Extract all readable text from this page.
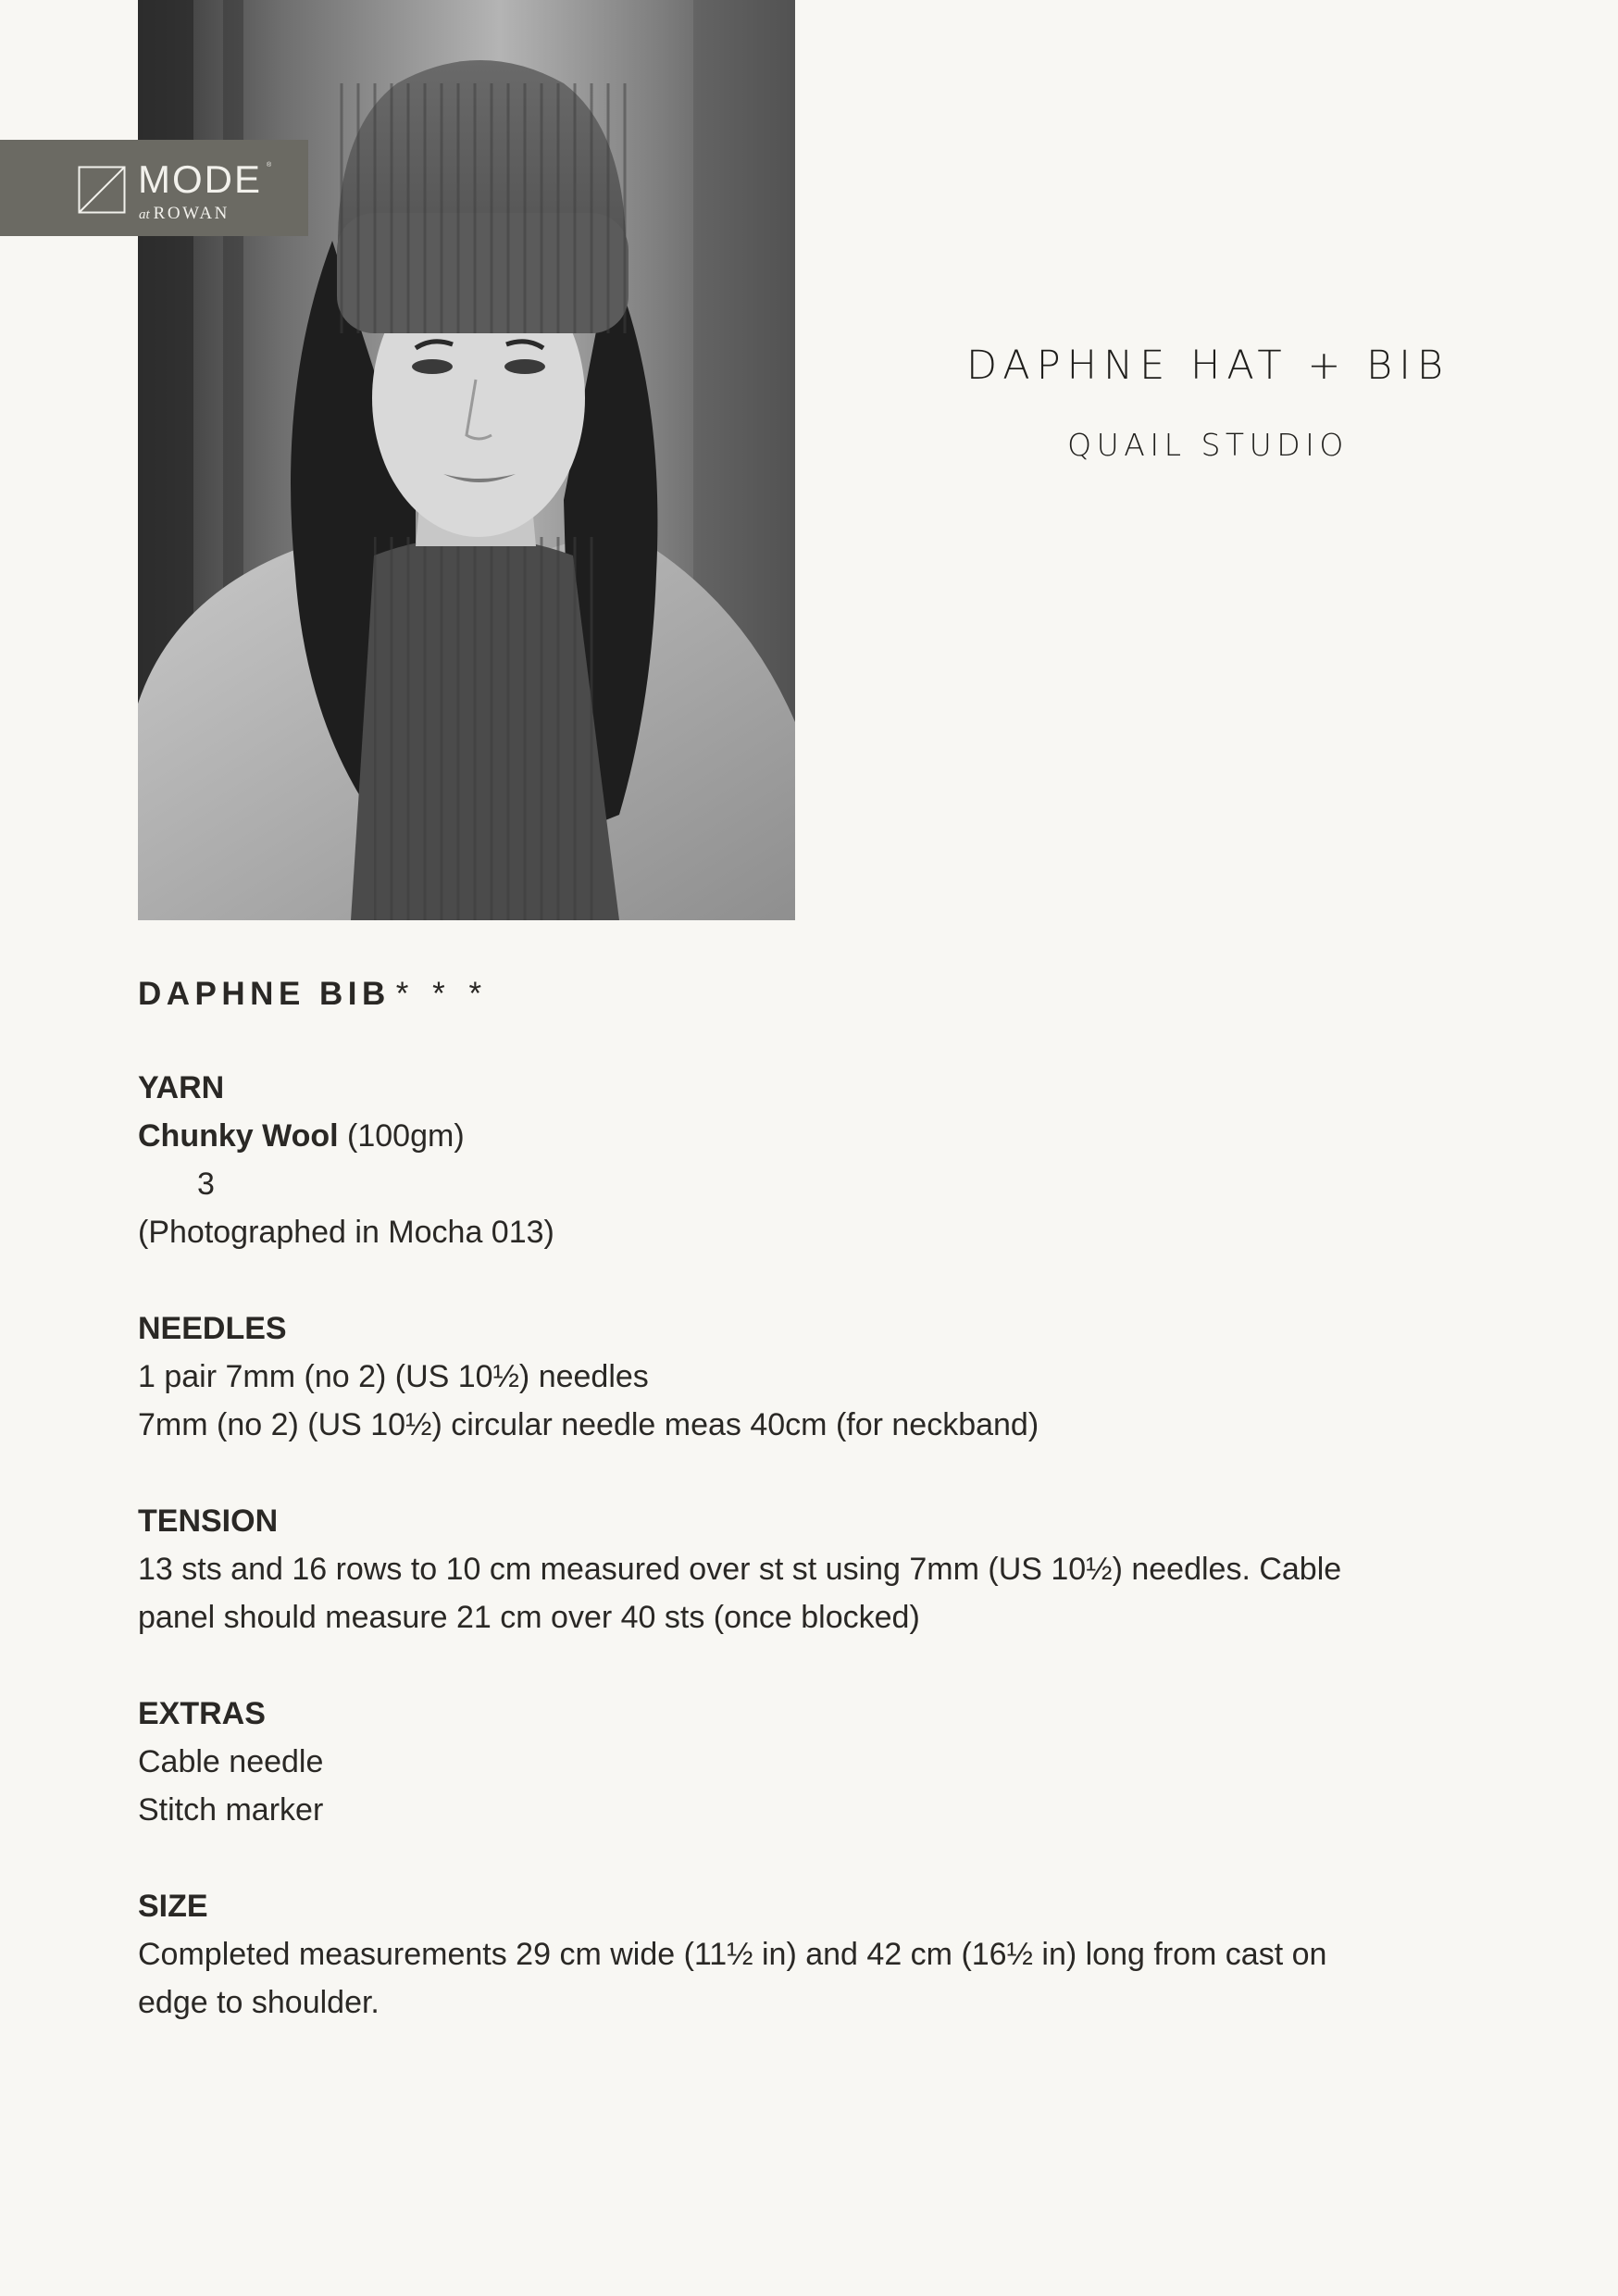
MODE ®
at ROWAN
DAPHNE HAT + BIB
QUAIL STUDIO
DAPHNE BIB * * *
YARN

Chunky Wool (100gm)

3

(Photographed in Mocha 013)

NEEDLES

1 pair 7mm (no 2) (US 10½) needles

7mm (no 2) (US 10½) circular needle meas 40cm (for neckband)

TENSION

13 sts and 16 rows to 10 cm measured over st st using 7mm (US 10½) needles. Cable

panel should measure 21 cm over 40 sts (once blocked)

EXTRAS

Cable needle

Stitch marker

SIZE

Completed measurements 29 cm wide (11½ in) and 42 cm (16½ in) long from cast on

edge to shoulder.
